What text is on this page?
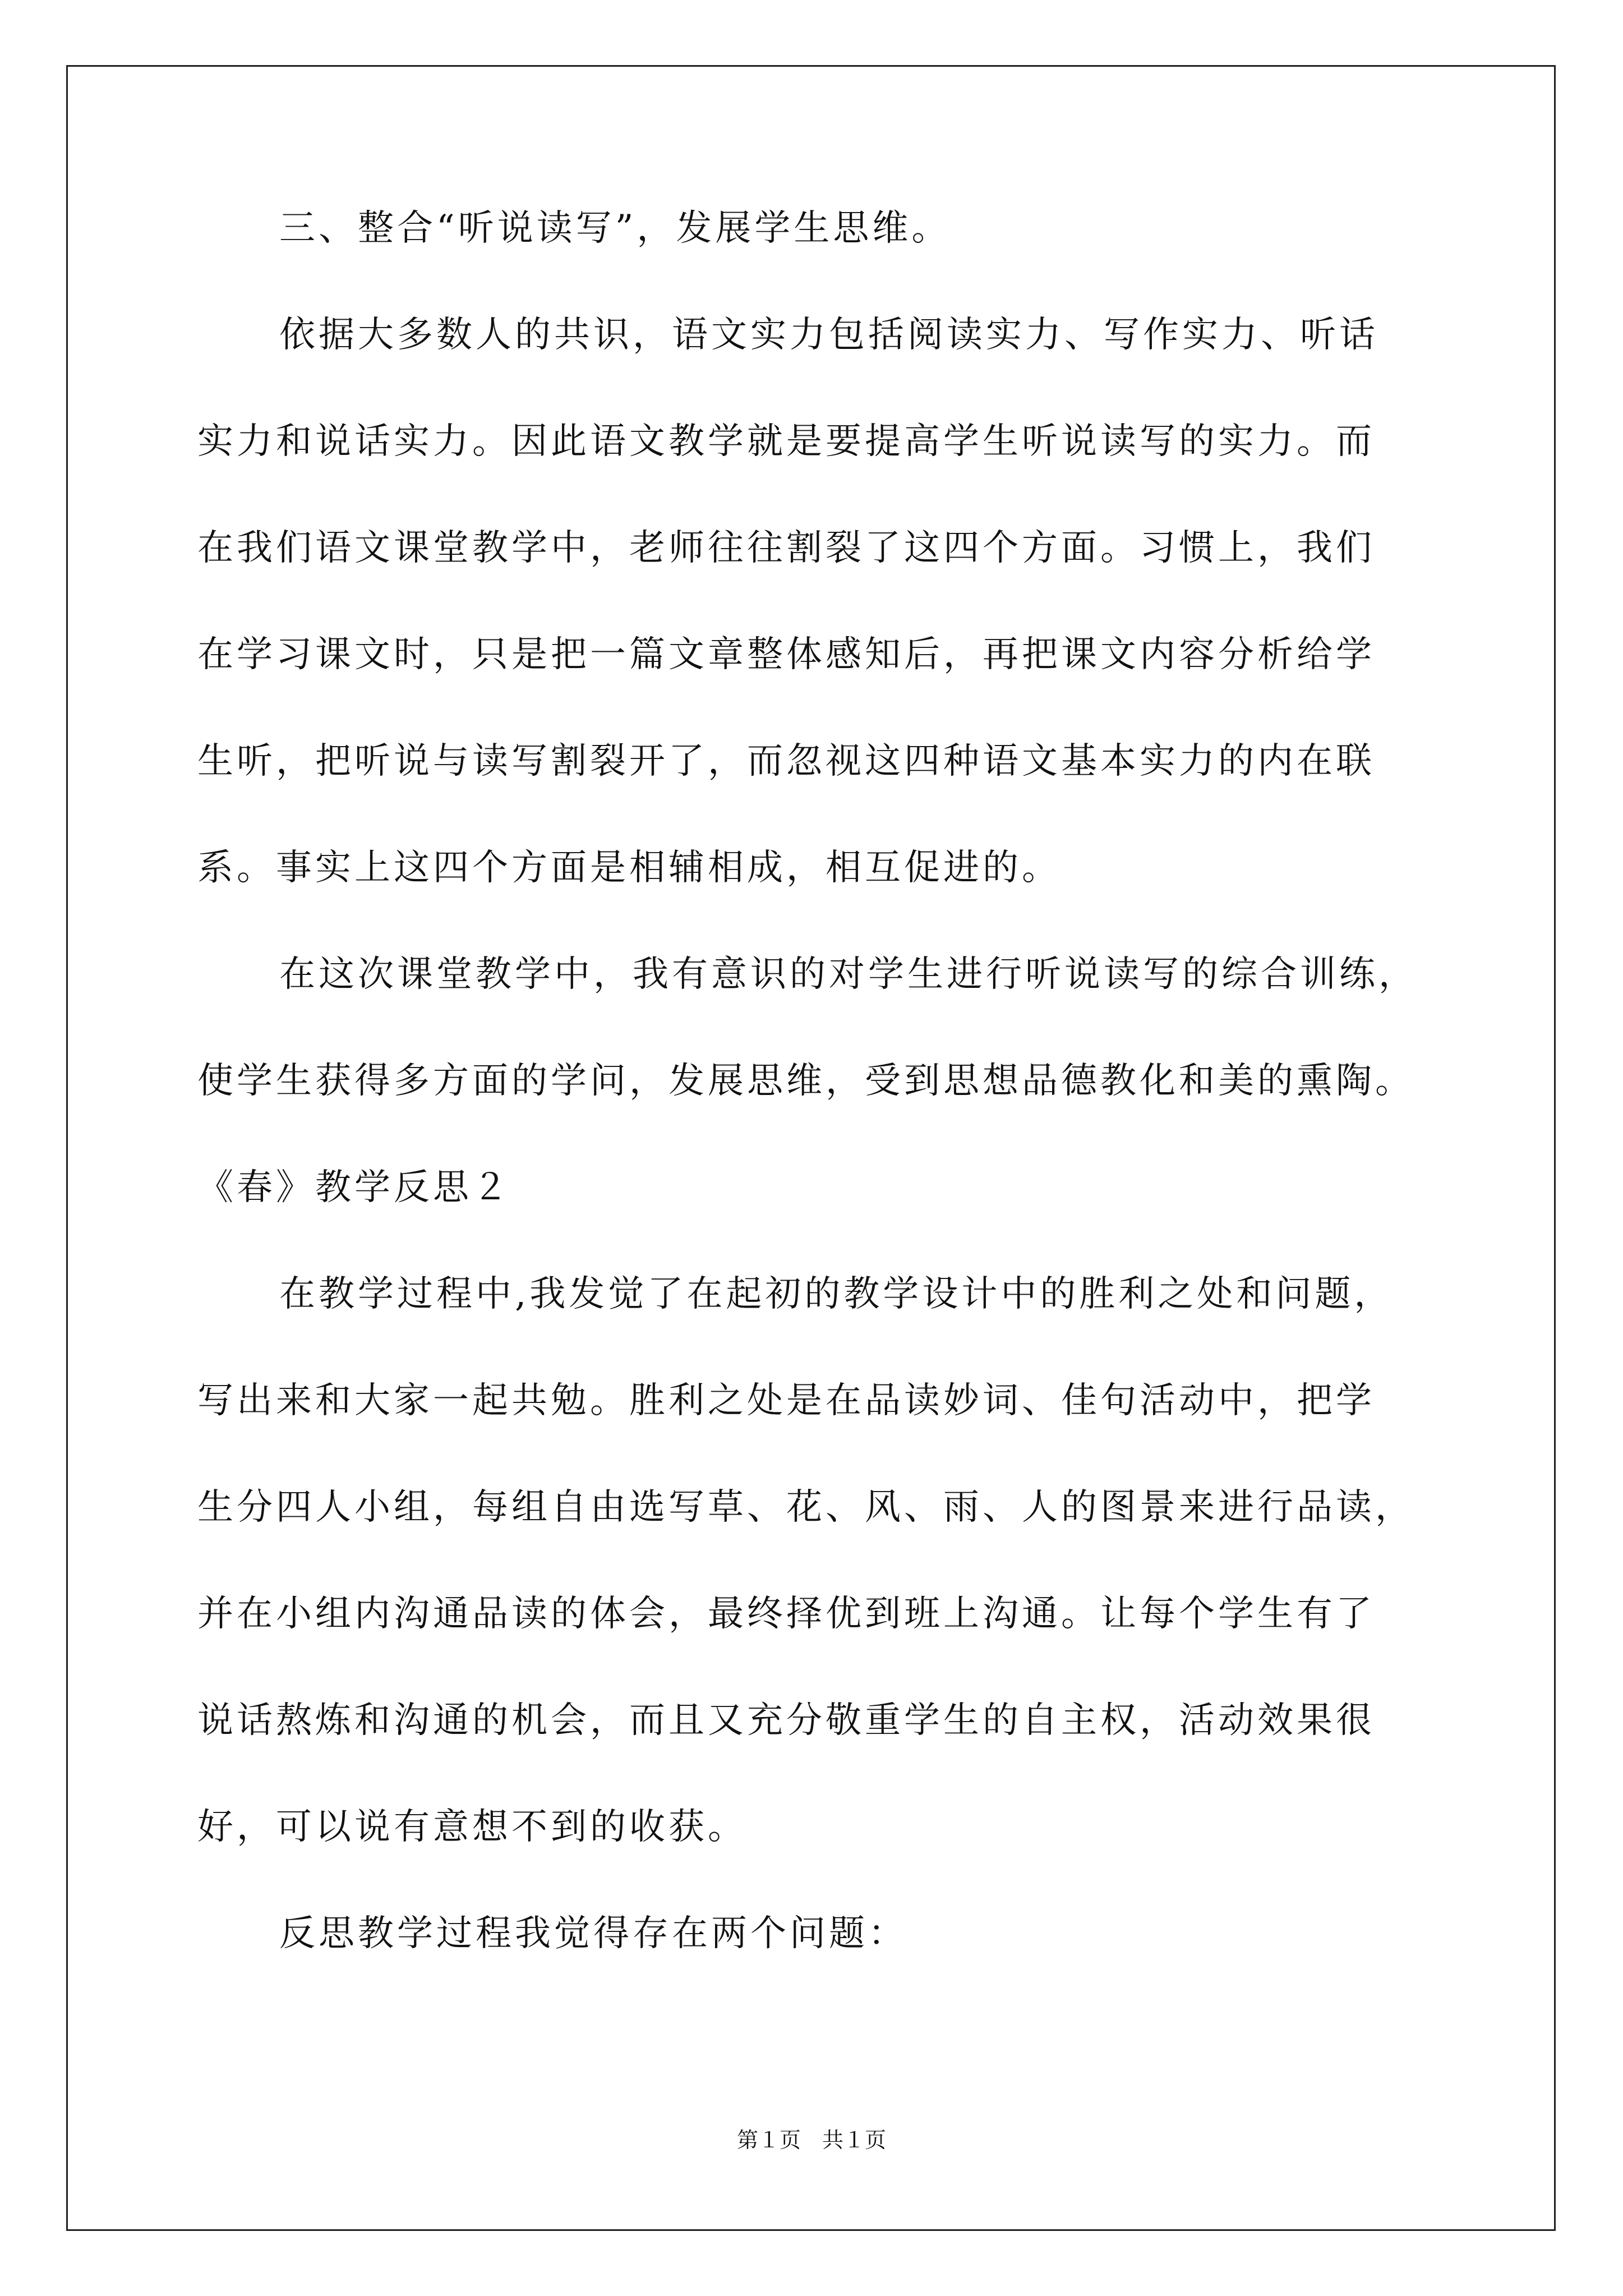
三、整合“听说读写”，发展学生思维。
依据大多数人的共识，语文实力包括阅读实力、写作实力、听话
实力和说话实力。因此语文教学就是要提高学生听说读写的实力。而
在我们语文课堂教学中，老师往往割裂了这四个方面。习惯上，我们
在学习课文时，只是把一篇文章整体感知后，再把课文内容分析给学
生听，把听说与读写割裂开了，而忽视这四种语文基本实力的内在联
系。事实上这四个方面是相辅相成，相互促进的。
在这次课堂教学中，我有意识的对学生进行听说读写的综合训练，
使学生获得多方面的学问，发展思维，受到思想品德教化和美的熏陶。
《春》教学反思２
在教学过程中,我发觉了在起初的教学设计中的胜利之处和问题，
写出来和大家一起共勉。胜利之处是在品读妙词、佳句活动中，把学
生分四人小组，每组自由选写草、花、风、雨、人的图景来进行品读，
并在小组内沟通品读的体会，最终择优到班上沟通。让每个学生有了
说话熬炼和沟通的机会，而且又充分敬重学生的自主权，活动效果很
好，可以说有意想不到的收获。
反思教学过程我觉得存在两个问题：
第１页　共１页
